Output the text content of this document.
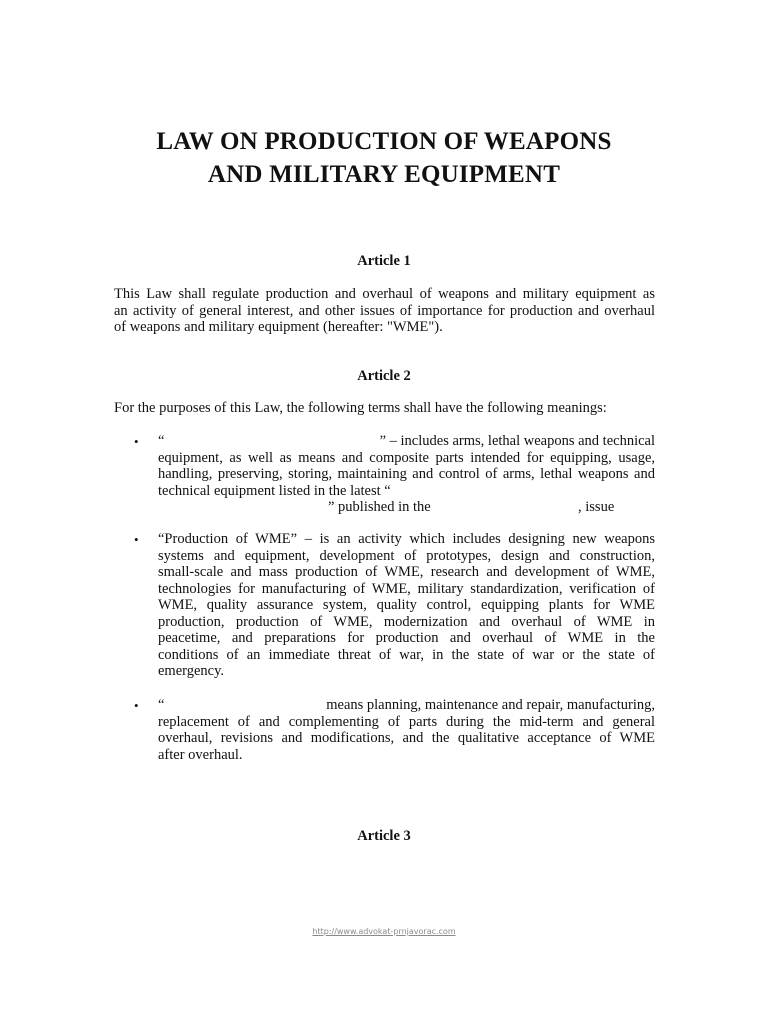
LAW ON PRODUCTION OF WEAPONS
AND MILITARY EQUIPMENT
Article 1
This Law shall regulate production and overhaul of weapons and military equipment as
an activity of general interest, and other issues of importance for production and overhaul
of weapons and military equipment (hereafter: "WME").
Article 2
For the purposes of this Law, the following terms shall have the following meanings:
• “	” – includes arms, lethal weapons and technical
equipment, as well as means and composite parts intended for equipping, usage,
handling, preserving, storing, maintaining and control of arms, lethal weapons and
technical equipment listed in the latest “
” published in the	, issue
• “Production of WME” – is an activity which includes designing new weapons
systems and equipment, development of prototypes, design and construction,
small-scale and mass production of WME, research and development of WME,
technologies for manufacturing of WME, military standardization, verification of
WME, quality assurance system, quality control, equipping plants for WME
production, production of WME, modernization and overhaul of WME in
peacetime, and preparations for production and overhaul of WME in the
conditions of an immediate threat of war, in the state of war or the state of
emergency.
• “	means planning, maintenance and repair, manufacturing,
replacement of and complementing of parts during the mid-term and general
overhaul, revisions and modifications, and the qualitative acceptance of WME
after overhaul.
Article 3
http://www.advokat-prnjavorac.com
